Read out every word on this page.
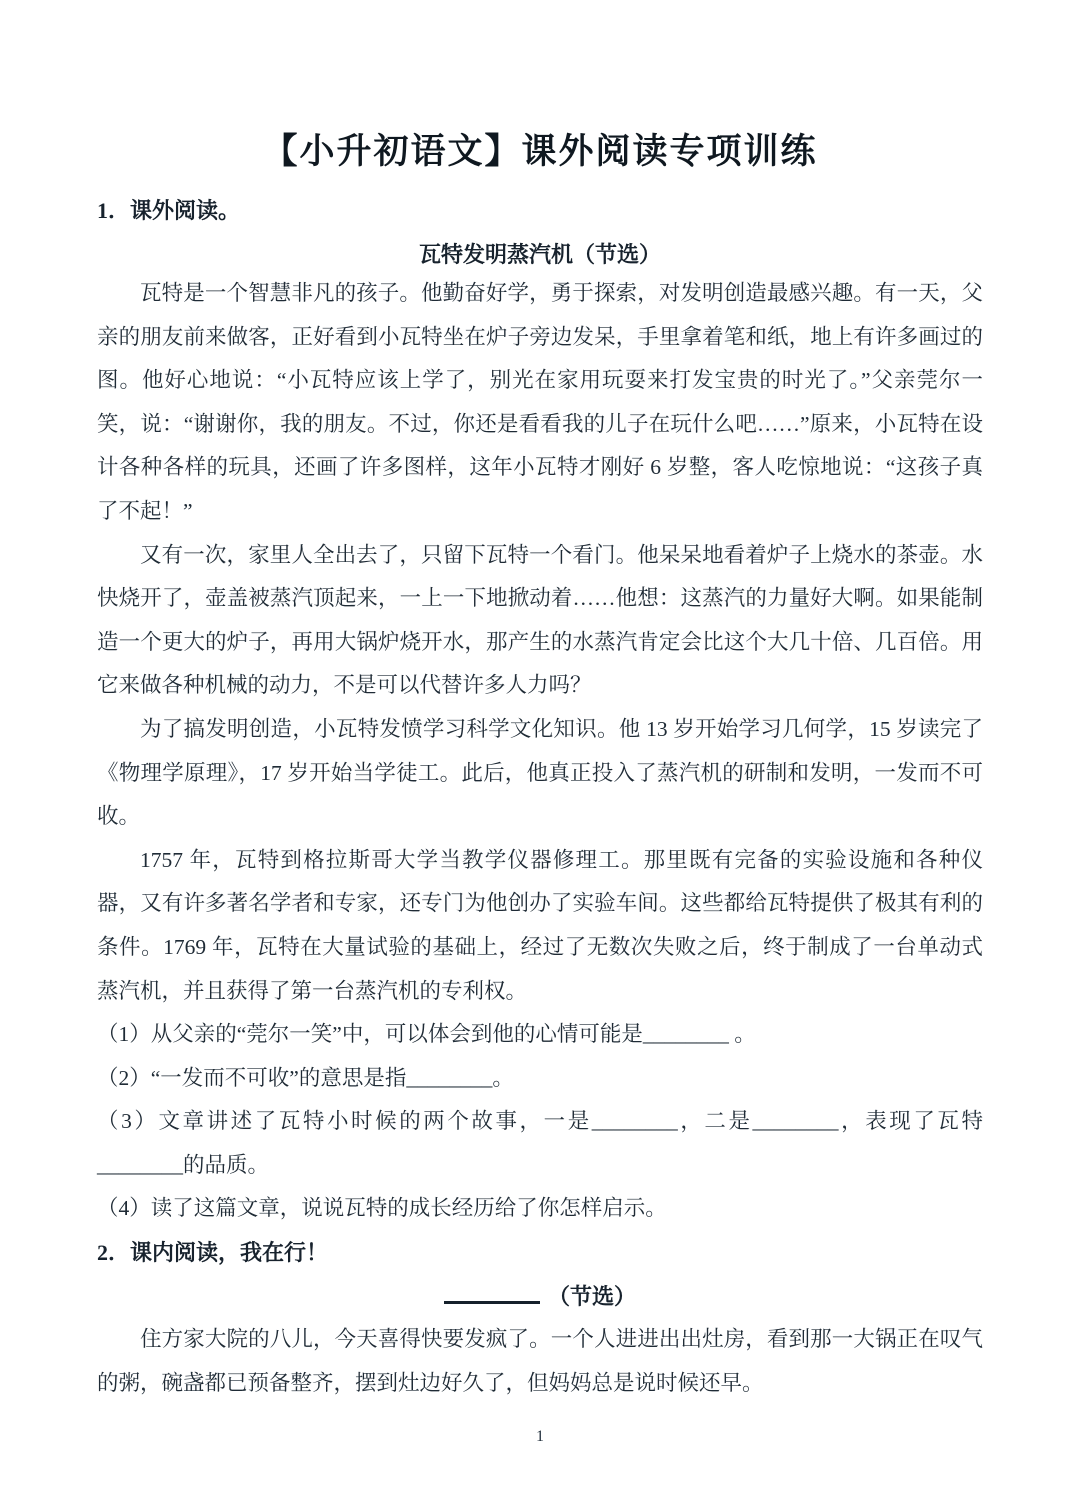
【小升初语文】课外阅读专项训练
1．课外阅读。
瓦特发明蒸汽机（节选）

瓦特是一个智慧非凡的孩子。他勤奋好学，勇于探索，对发明创造最感兴趣。有一天，父亲的朋友前来做客，正好看到小瓦特坐在炉子旁边发呆，手里拿着笔和纸，地上有许多画过的图。他好心地说：“小瓦特应该上学了，别光在家用玩耍来打发宝贵的时光了。”父亲莞尔一笑，说：“谢谢你，我的朋友。不过，你还是看看我的儿子在玩什么吧……”原来，小瓦特在设计各种各样的玩具，还画了许多图样，这年小瓦特才刚好 6 岁整，客人吃惊地说：“这孩子真了不起！”

又有一次，家里人全出去了，只留下瓦特一个看门。他呆呆地看着炉子上烧水的茶壶。水快烧开了，壶盖被蒸汽顶起来，一上一下地掀动着……他想：这蒸汽的力量好大啊。如果能制造一个更大的炉子，再用大锅炉烧开水，那产生的水蒸汽肯定会比这个大几十倍、几百倍。用它来做各种机械的动力，不是可以代替许多人力吗？

为了搞发明创造，小瓦特发愤学习科学文化知识。他 13 岁开始学习几何学，15 岁读完了《物理学原理》，17 岁开始当学徒工。此后，他真正投入了蒸汽机的研制和发明，一发而不可收。

1757 年，瓦特到格拉斯哥大学当教学仪器修理工。那里既有完备的实验设施和各种仪器，又有许多著名学者和专家，还专门为他创办了实验车间。这些都给瓦特提供了极其有利的条件。1769 年，瓦特在大量试验的基础上，经过了无数次失败之后，终于制成了一台单动式蒸汽机，并且获得了第一台蒸汽机的专利权。

（1）从父亲的“莞尔一笑”中，可以体会到他的心情可能是________ 。

（2）“一发而不可收”的意思是指________。

（3）文章讲述了瓦特小时候的两个故事，一是________，二是________，表现了瓦特________的品质。

（4）读了这篇文章，说说瓦特的成长经历给了你怎样启示。

2．课内阅读，我在行！

（节选）

住方家大院的八儿，今天喜得快要发疯了。一个人进进出出灶房，看到那一大锅正在叹气的粥，碗盏都已预备整齐，摆到灶边好久了，但妈妈总是说时候还早。

1
